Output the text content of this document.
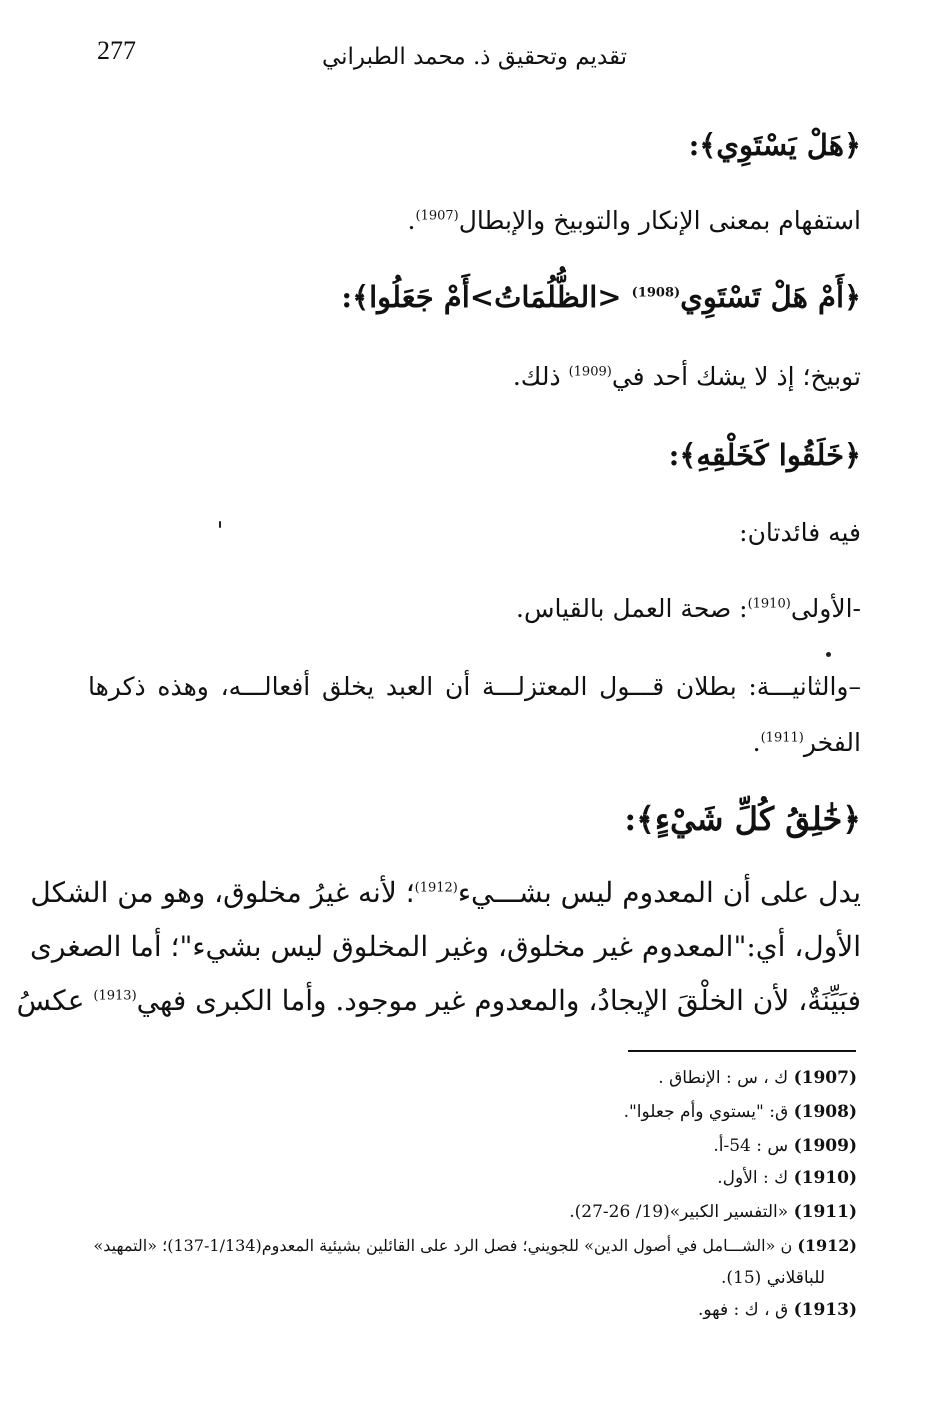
277	تقديم وتحقيق ذ. محمد الطبراني
﴿هَلْ يَسْتَوِي﴾:
استفهام بمعنى الإنكار والتوبيخ والإبطال$^{(1907)}$.
﴿أَمْ هَلْ تَسْتَوِي$^{(1908)}$ <الظُّلُمَاتُ>أَمْ جَعَلُوا﴾:
توبيخ؛ إذ لا يشك أحد في$^{(1909)}$ ذلك.
﴿خَلَقُوا كَخَلْقِهِ﴾:
فيه فائدتان:
-الأولى$^{(1910)}$: صحة العمل بالقياس.
–والثانيـــة: بطلان قـــول المعتزلـــة أن العبد يخلق أفعالـــه، وهذه ذكرها
الفخر$^{(1911)}$.
﴿خَٰلِقُ كُلِّ شَيْءٍ﴾:
يدل على أن المعدوم ليس بشـــيء$^{(1912)}$؛ لأنه غيرُ مخلوق، وهو من الشكل
الأول، أي:"المعدوم غير مخلوق، وغير المخلوق ليس بشيء"؛ أما الصغرى
فبَيِّنَةٌ، لأن الخلْقَ الإيجادُ، والمعدوم غير موجود. وأما الكبرى فهي$^{(1913)}$ عكسُ
(1907) ك ، س : الإنطاق .
(1908) ق: "يستوي وأم جعلوا".
(1909) س : 54-أ.
(1910) ك : الأول.
(1911) «التفسير الكبير»(19/ 26-27).
(1912) ن «الشـــامل في أصول الدين» للجويني؛ فصل الرد على القائلين بشيئية المعدوم(1/134-137)؛ «التمهيد»
للباقلاني (15).
(1913) ق ، ك : فهو.
